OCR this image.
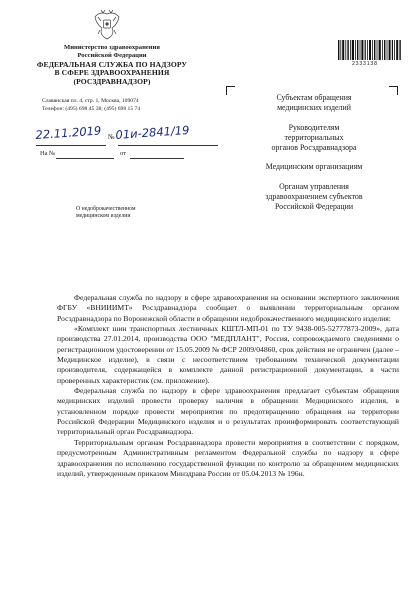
Министерство здравоохранения
Российской Федерации
ФЕДЕРАЛЬНАЯ СЛУЖБА ПО НАДЗОРУ
В СФЕРЕ ЗДРАВООХРАНЕНИЯ
(РОСЗДРАВНАДЗОР)
Славянская пл. 4, стр. 1, Москва, 109074
Телефон: (495) 698 45 38; (495) 698 15 74
22.11.2019 № 01и-2841/19
На №	от
О недоброкачественном
медицинском изделии
2333138
Субъектам обращения
медицинских изделий
Руководителям
территориальных
органов Росздравнадзора
Медицинским организациям
Органам управления
здравоохранением субъектов
Российской Федерации

Федеральная служба по надзору в сфере здравоохранения на основании экспертного заключения ФГБУ «ВНИИИМТ» Росздравнадзора сообщает о выявлении территориальным органом Росздравнадзора по Воронежской области в обращении недоброкачественного медицинского изделия:

«Комплект шин транспортных лестничных КШТЛ-МП-01 по ТУ 9438-005-52777873-2009», дата производства 27.01.2014, производства ООО "МЕДПЛАНТ", Россия, сопровождаемого сведениями о регистрационном удостоверении от 15.05.2009 № ФСР 2009/04860, срок действия не ограничен (далее – Медицинское изделие), в связи с несоответствием требованиям технической документации производителя, содержащейся в комплекте данной регистрационной документации, в части проверенных характеристик (см. приложение).

Федеральная служба по надзору в сфере здравоохранения предлагает субъектам обращения медицинских изделий провести проверку наличия в обращении Медицинского изделия, в установленном порядке провести мероприятия по предотвращению обращения на территории Российской Федерации Медицинского изделия и о результатах проинформировать соответствующий территориальный орган Росздравнадзора.

Территориальным органам Росздравнадзора провести мероприятия в соответствии с порядком, предусмотренным Административным регламентом Федеральной службы по надзору в сфере здравоохранения по исполнению государственной функции по контролю за обращением медицинских изделий, утвержденным приказом Минздрава России от 05.04.2013 № 196н.
